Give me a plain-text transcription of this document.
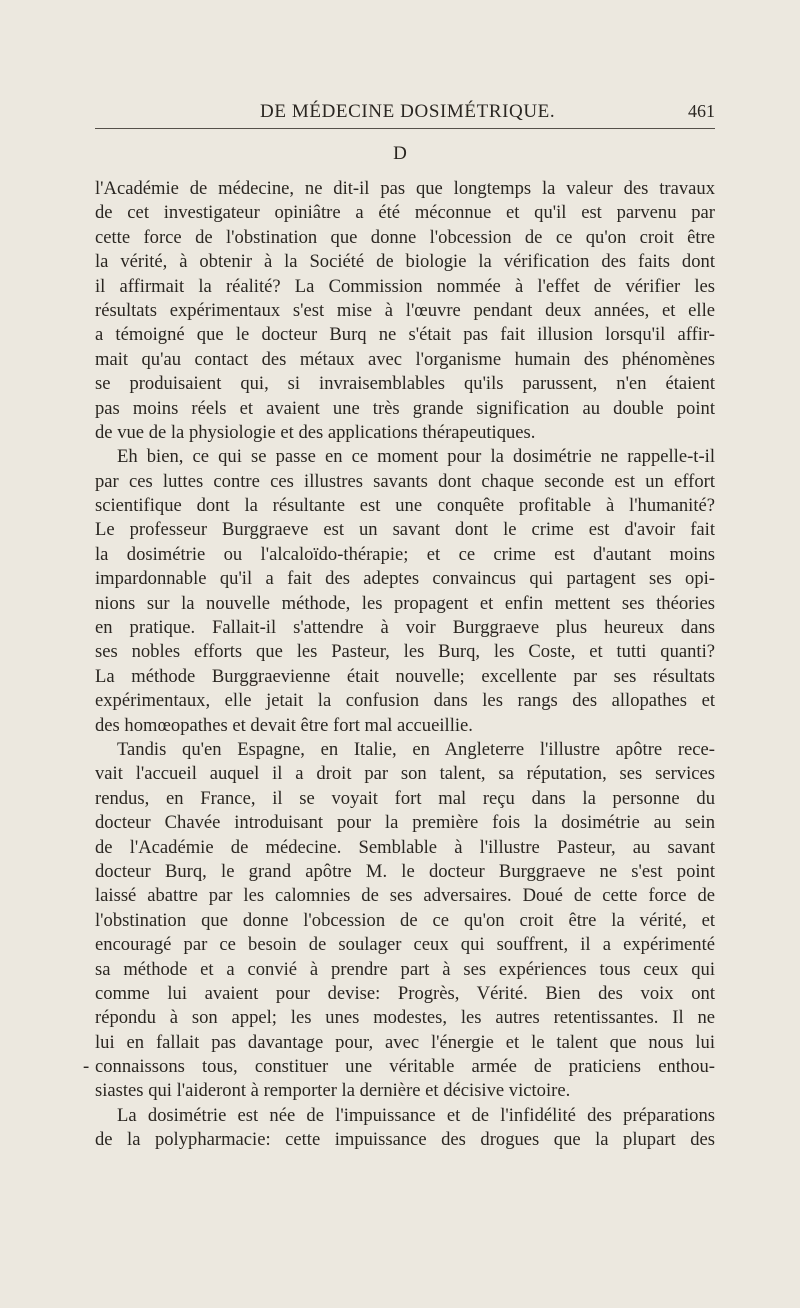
DE MÉDECINE DOSIMÉTRIQUE.	461
D
l'Académie de médecine, ne dit-il pas que longtemps la valeur des travaux
de cet investigateur opiniâtre a été méconnue et qu'il est parvenu par
cette force de l'obstination que donne l'obcession de ce qu'on croit être
la vérité, à obtenir à la Société de biologie la vérification des faits dont
il affirmait la réalité? La Commission nommée à l'effet de vérifier les
résultats expérimentaux s'est mise à l'œuvre pendant deux années, et elle
a témoigné que le docteur Burq ne s'était pas fait illusion lorsqu'il affir-
mait qu'au contact des métaux avec l'organisme humain des phénomènes
se produisaient qui, si invraisemblables qu'ils parussent, n'en étaient
pas moins réels et avaient une très grande signification au double point
de vue de la physiologie et des applications thérapeutiques.
Eh bien, ce qui se passe en ce moment pour la dosimétrie ne rappelle-t-il
par ces luttes contre ces illustres savants dont chaque seconde est un effort
scientifique dont la résultante est une conquête profitable à l'humanité?
Le professeur Burggraeve est un savant dont le crime est d'avoir fait
la dosimétrie ou l'alcaloïdo-thérapie; et ce crime est d'autant moins
impardonnable qu'il a fait des adeptes convaincus qui partagent ses opi-
nions sur la nouvelle méthode, les propagent et enfin mettent ses théories
en pratique. Fallait-il s'attendre à voir Burggraeve plus heureux dans
ses nobles efforts que les Pasteur, les Burq, les Coste, et tutti quanti?
La méthode Burggraevienne était nouvelle; excellente par ses résultats
expérimentaux, elle jetait la confusion dans les rangs des allopathes et
des homœopathes et devait être fort mal accueillie.
Tandis qu'en Espagne, en Italie, en Angleterre l'illustre apôtre rece-
vait l'accueil auquel il a droit par son talent, sa réputation, ses services
rendus, en France, il se voyait fort mal reçu dans la personne du
docteur Chavée introduisant pour la première fois la dosimétrie au sein
de l'Académie de médecine. Semblable à l'illustre Pasteur, au savant
docteur Burq, le grand apôtre M. le docteur Burggraeve ne s'est point
laissé abattre par les calomnies de ses adversaires. Doué de cette force de
l'obstination que donne l'obcession de ce qu'on croit être la vérité, et
encouragé par ce besoin de soulager ceux qui souffrent, il a expérimenté
sa méthode et a convié à prendre part à ses expériences tous ceux qui
comme lui avaient pour devise: Progrès, Vérité. Bien des voix ont
répondu à son appel; les unes modestes, les autres retentissantes. Il ne
lui en fallait pas davantage pour, avec l'énergie et le talent que nous lui
- connaissons tous, constituer une véritable armée de praticiens enthou-
siastes qui l'aideront à remporter la dernière et décisive victoire.
La dosimétrie est née de l'impuissance et de l'infidélité des préparations
de la polypharmacie: cette impuissance des drogues que la plupart des
